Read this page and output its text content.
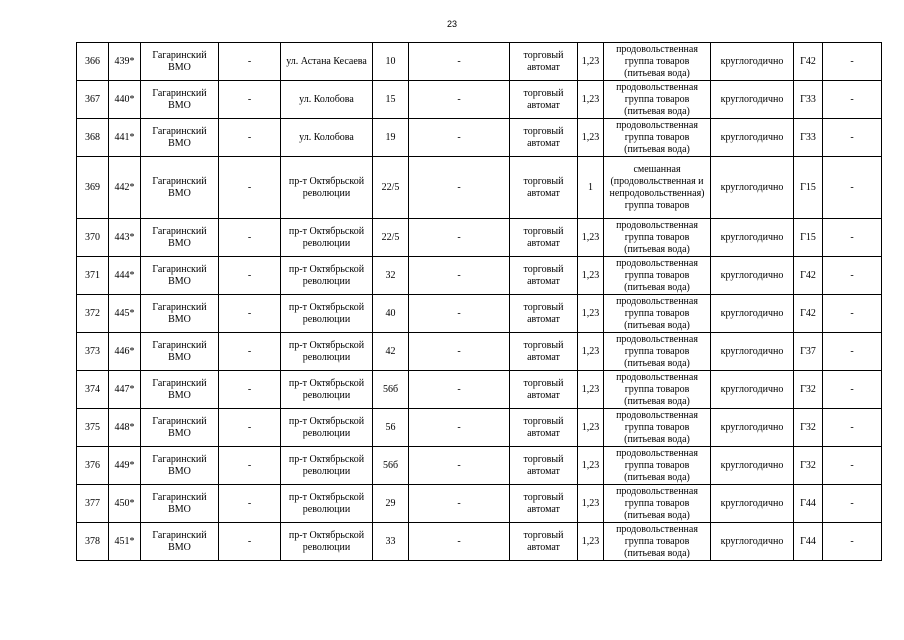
23
366	439*	Гагаринский ВМО	-	ул. Астана Кесаева	10	-	торговый автомат	1,23	продовольственная группа товаров (питьевая вода)	круглогодично	Г42	-
367	440*	Гагаринский ВМО	-	ул. Колобова	15	-	торговый автомат	1,23	продовольственная группа товаров (питьевая вода)	круглогодично	Г33	-
368	441*	Гагаринский ВМО	-	ул. Колобова	19	-	торговый автомат	1,23	продовольственная группа товаров (питьевая вода)	круглогодично	Г33	-
369	442*	Гагаринский ВМО	-	пр-т Октябрьской революции	22/5	-	торговый автомат	1	смешанная (продовольственная и непродовольственная) группа товаров	круглогодично	Г15	-
370	443*	Гагаринский ВМО	-	пр-т Октябрьской революции	22/5	-	торговый автомат	1,23	продовольственная группа товаров (питьевая вода)	круглогодично	Г15	-
371	444*	Гагаринский ВМО	-	пр-т Октябрьской революции	32	-	торговый автомат	1,23	продовольственная группа товаров (питьевая вода)	круглогодично	Г42	-
372	445*	Гагаринский ВМО	-	пр-т Октябрьской революции	40	-	торговый автомат	1,23	продовольственная группа товаров (питьевая вода)	круглогодично	Г42	-
373	446*	Гагаринский ВМО	-	пр-т Октябрьской революции	42	-	торговый автомат	1,23	продовольственная группа товаров (питьевая вода)	круглогодично	Г37	-
374	447*	Гагаринский ВМО	-	пр-т Октябрьской революции	56б	-	торговый автомат	1,23	продовольственная группа товаров (питьевая вода)	круглогодично	Г32	-
375	448*	Гагаринский ВМО	-	пр-т Октябрьской революции	56	-	торговый автомат	1,23	продовольственная группа товаров (питьевая вода)	круглогодично	Г32	-
376	449*	Гагаринский ВМО	-	пр-т Октябрьской революции	56б	-	торговый автомат	1,23	продовольственная группа товаров (питьевая вода)	круглогодично	Г32	-
377	450*	Гагаринский ВМО	-	пр-т Октябрьской революции	29	-	торговый автомат	1,23	продовольственная группа товаров (питьевая вода)	круглогодично	Г44	-
378	451*	Гагаринский ВМО	-	пр-т Октябрьской революции	33	-	торговый автомат	1,23	продовольственная группа товаров (питьевая вода)	круглогодично	Г44	-
